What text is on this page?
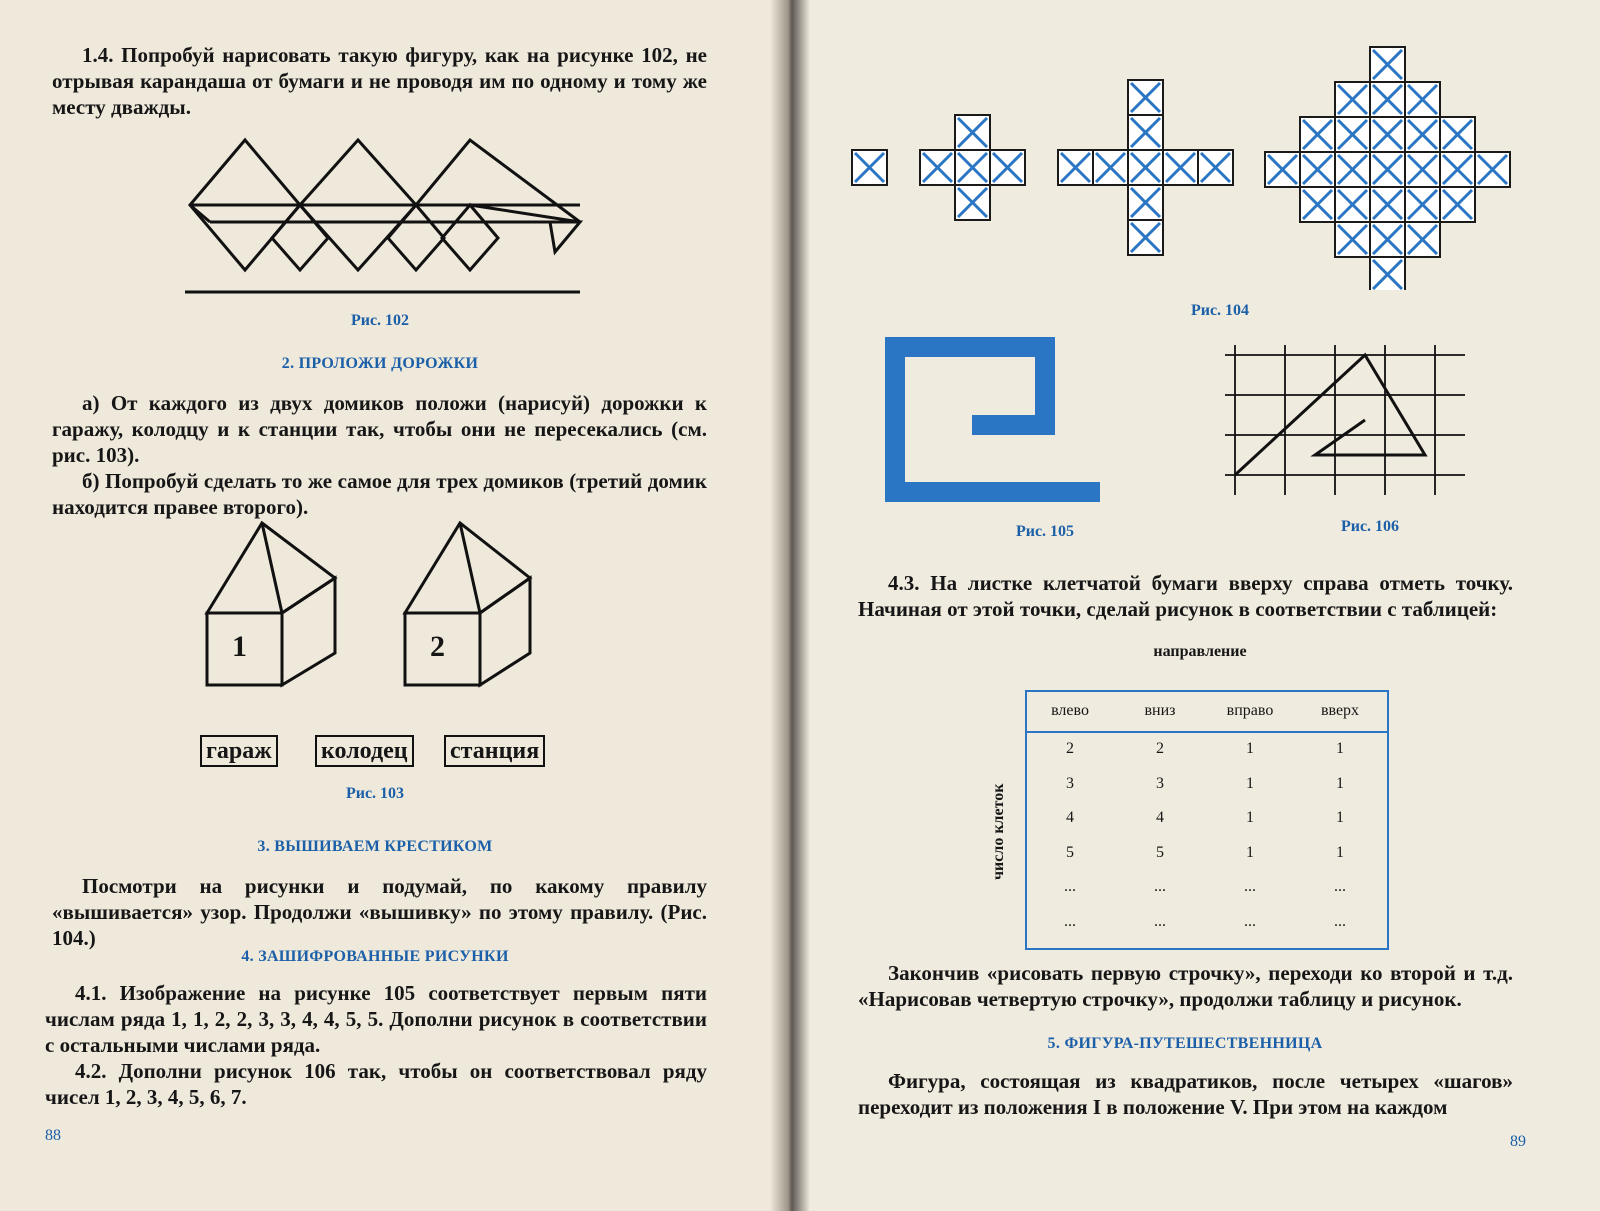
1.4. Попробуй нарисовать такую фигуру, как на рисунке 102, не отрывая карандаша от бумаги и не проводя им по одному и тому же месту дважды.
Рис. 102
2. ПРОЛОЖИ ДОРОЖКИ
а) От каждого из двух домиков положи (нарисуй) дорожки к гаражу, колодцу и к станции так, чтобы они не пересекались (см. рис. 103).
б) Попробуй сделать то же самое для трех домиков (третий домик находится правее второго).
1	2
гараж колодец станция
Рис. 103
3. ВЫШИВАЕМ КРЕСТИКОМ
Посмотри на рисунки и подумай, по какому правилу «вышивается» узор. Продолжи «вышивку» по этому правилу. (Рис. 104.)
4. ЗАШИФРОВАННЫЕ РИСУНКИ
4.1. Изображение на рисунке 105 соответствует первым пяти числам ряда 1, 1, 2, 2, 3, 3, 4, 4, 5, 5. Дополни рисунок в соответствии с остальными числами ряда.
4.2. Дополни рисунок 106 так, чтобы он соответствовал ряду чисел 1, 2, 3, 4, 5, 6, 7.
88
Рис. 104
Рис. 105	Рис. 106
4.3. На листке клетчатой бумаги вверху справа отметь точку. Начиная от этой точки, сделай рисунок в соответствии с таблицей:
направление
число клеток
влево	вниз	вправо	вверх
2	2	1	1
3	3	1	1
4	4	1	1
5	5	1	1
...	...	...	...
...	...	...	...
Закончив «рисовать первую строчку», переходи ко второй и т.д. «Нарисовав четвертую строчку», продолжи таблицу и рисунок.
5. ФИГУРА-ПУТЕШЕСТВЕННИЦА
Фигура, состоящая из квадратиков, после четырех «шагов» переходит из положения I в положение V. При этом на каждом
89
